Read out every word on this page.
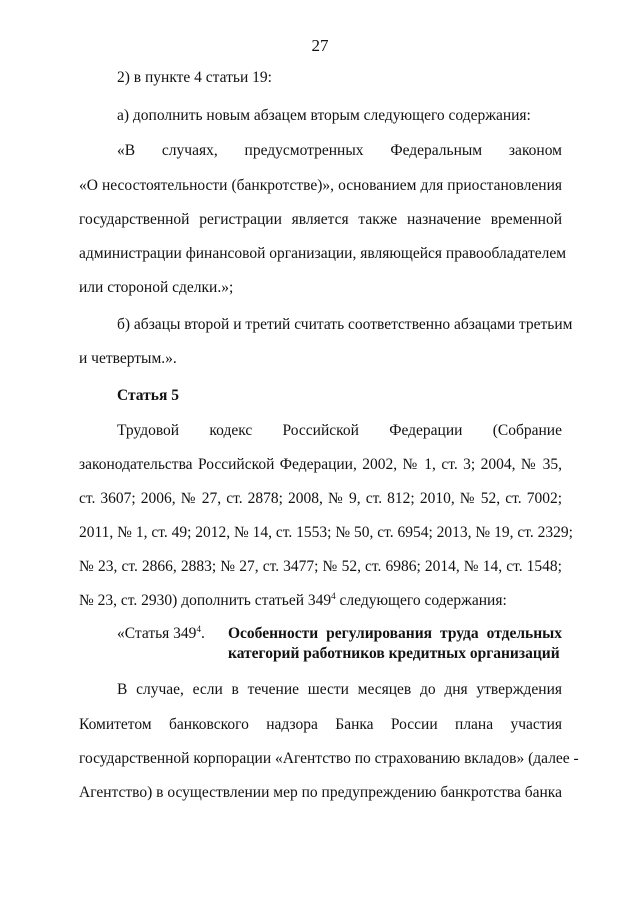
27
2) в пункте 4 статьи 19:
а) дополнить новым абзацем вторым следующего содержания:
«В случаях, предусмотренных Федеральным законом
«О несостоятельности (банкротстве)», основанием для приостановления
государственной регистрации является также назначение временной
администрации финансовой организации, являющейся правообладателем
или стороной сделки.»;
б) абзацы второй и третий считать соответственно абзацами третьим
и четвертым.».
Статья 5
Трудовой кодекс Российской Федерации (Собрание
законодательства Российской Федерации, 2002, № 1, ст. 3; 2004, № 35,
ст. 3607; 2006, № 27, ст. 2878; 2008, № 9, ст. 812; 2010, № 52, ст. 7002;
2011, № 1, ст. 49; 2012, № 14, ст. 1553; № 50, ст. 6954; 2013, № 19, ст. 2329;
№ 23, ст. 2866, 2883; № 27, ст. 3477; № 52, ст. 6986; 2014, № 14, ст. 1548;
№ 23, ст. 2930) дополнить статьей $349^4$ следующего содержания:
«Статья $349^4$. Особенности регулирования труда отдельных
категорий работников кредитных организаций
В случае, если в течение шести месяцев до дня утверждения
Комитетом банковского надзора Банка России плана участия
государственной корпорации «Агентство по страхованию вкладов» (далее -
Агентство) в осуществлении мер по предупреждению банкротства банка
